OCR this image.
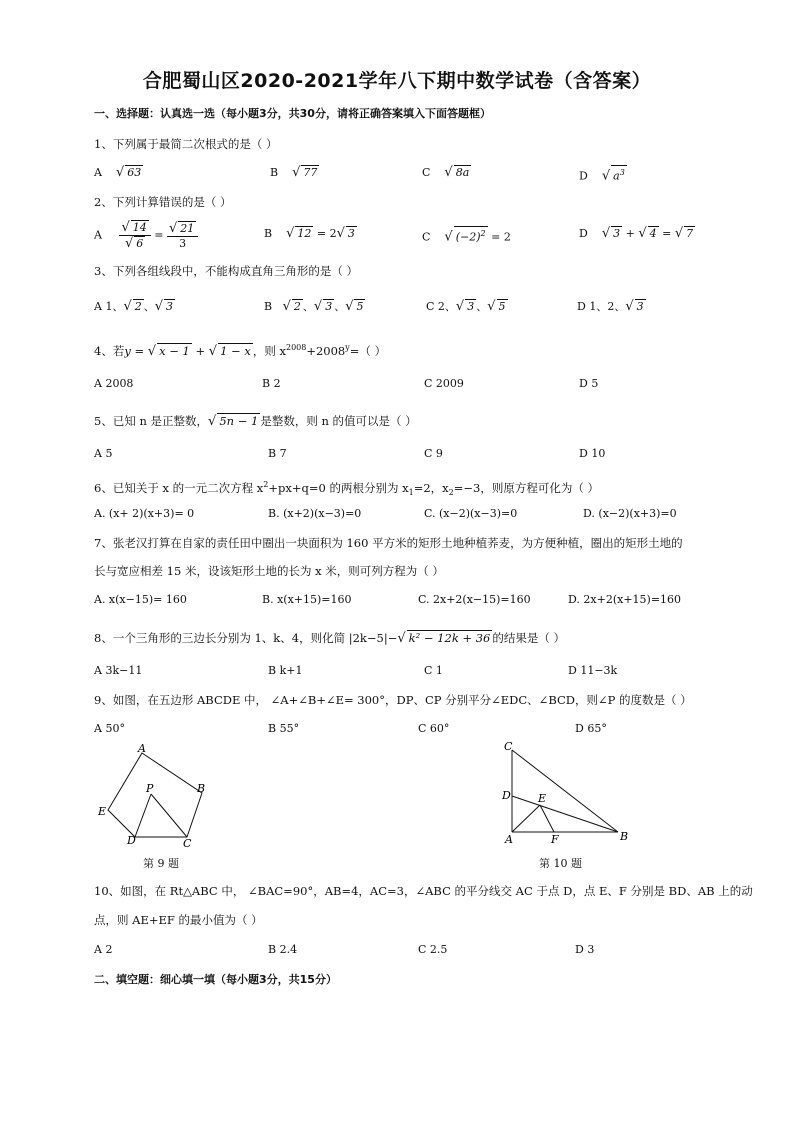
合肥蜀山区2020-2021学年八下期中数学试卷（含答案）
一、选择题：认真选一选（每小题3分，共30分，请将正确答案填入下面答题框）
1、下列属于最简二次根式的是（ ）
A √ 63	B √ 77	C √ 8a	D √ $a^3$
2、下列计算错误的是（ ）
A $\frac{√ 14}{√ 6} = \frac{√ 21}{3}$	B √ 12 = 2√ 3	C √ $(-2)^2 = 2$	D √ 3 + √ 4 = √ 7
3、下列各组线段中，不能构成直角三角形的是（ ）
A 1、√ 2 、√ 3	B √ 2 、√ 3 、√ 5	C 2、√ 3 、√ 5	D 1、2、√ 3
4、若y = √ x − 1 + √ 1 − x ，则 $x^{2008}+2008^y=$（ ）
A 2008	B 2	C 2009	D 5
5、已知 n 是正整数，√ 5n − 1 是整数，则 n 的值可以是（ ）
A 5	B 7	C 9	D 10
6、已知关于 x 的一元二次方程 $x^2+px+q=0$ 的两根分别为 $x_1=2$，$x_2=-3$，则原方程可化为（ ）
A. (x+ 2)(x+3)= 0	B. (x+2)(x−3)=0	C. (x−2)(x−3)=0	D. (x−2)(x+3)=0
7、张老汉打算在自家的责任田中圈出一块面积为 160 平方米的矩形土地种植荞麦，为方便种植，圈出的矩形土地的
长与宽应相差 15 米，设该矩形土地的长为 x 米，则可列方程为（ ）
A. x(x−15)= 160	B. x(x+15)=160	C. 2x+2(x−15)=160	D. 2x+2(x+15)=160
8、一个三角形的三边长分别为 1、k、4，则化简 |2k−5|−√ k² − 12k + 36 的结果是（ ）
A 3k−11	B k+1	C 1	D 11−3k
9、如图，在五边形 ABCDE 中， ∠A+∠B+∠E= 300°，DP、CP 分别平分∠EDC、∠BCD，则∠P 的度数是（ ）
A 50°	B 55°	C 60°	D 65°
A
B
C
D
E
P
第 9 题
C
D E
A	F	B
第 10 题
10、如图，在 Rt△ABC 中， ∠BAC=90°，AB=4，AC=3，∠ABC 的平分线交 AC 于点 D，点 E、F 分别是 BD、AB 上的动
点，则 AE+EF 的最小值为（ ）
A 2	B 2.4	C 2.5	D 3
二、填空题：细心填一填（每小题3分，共15分）
